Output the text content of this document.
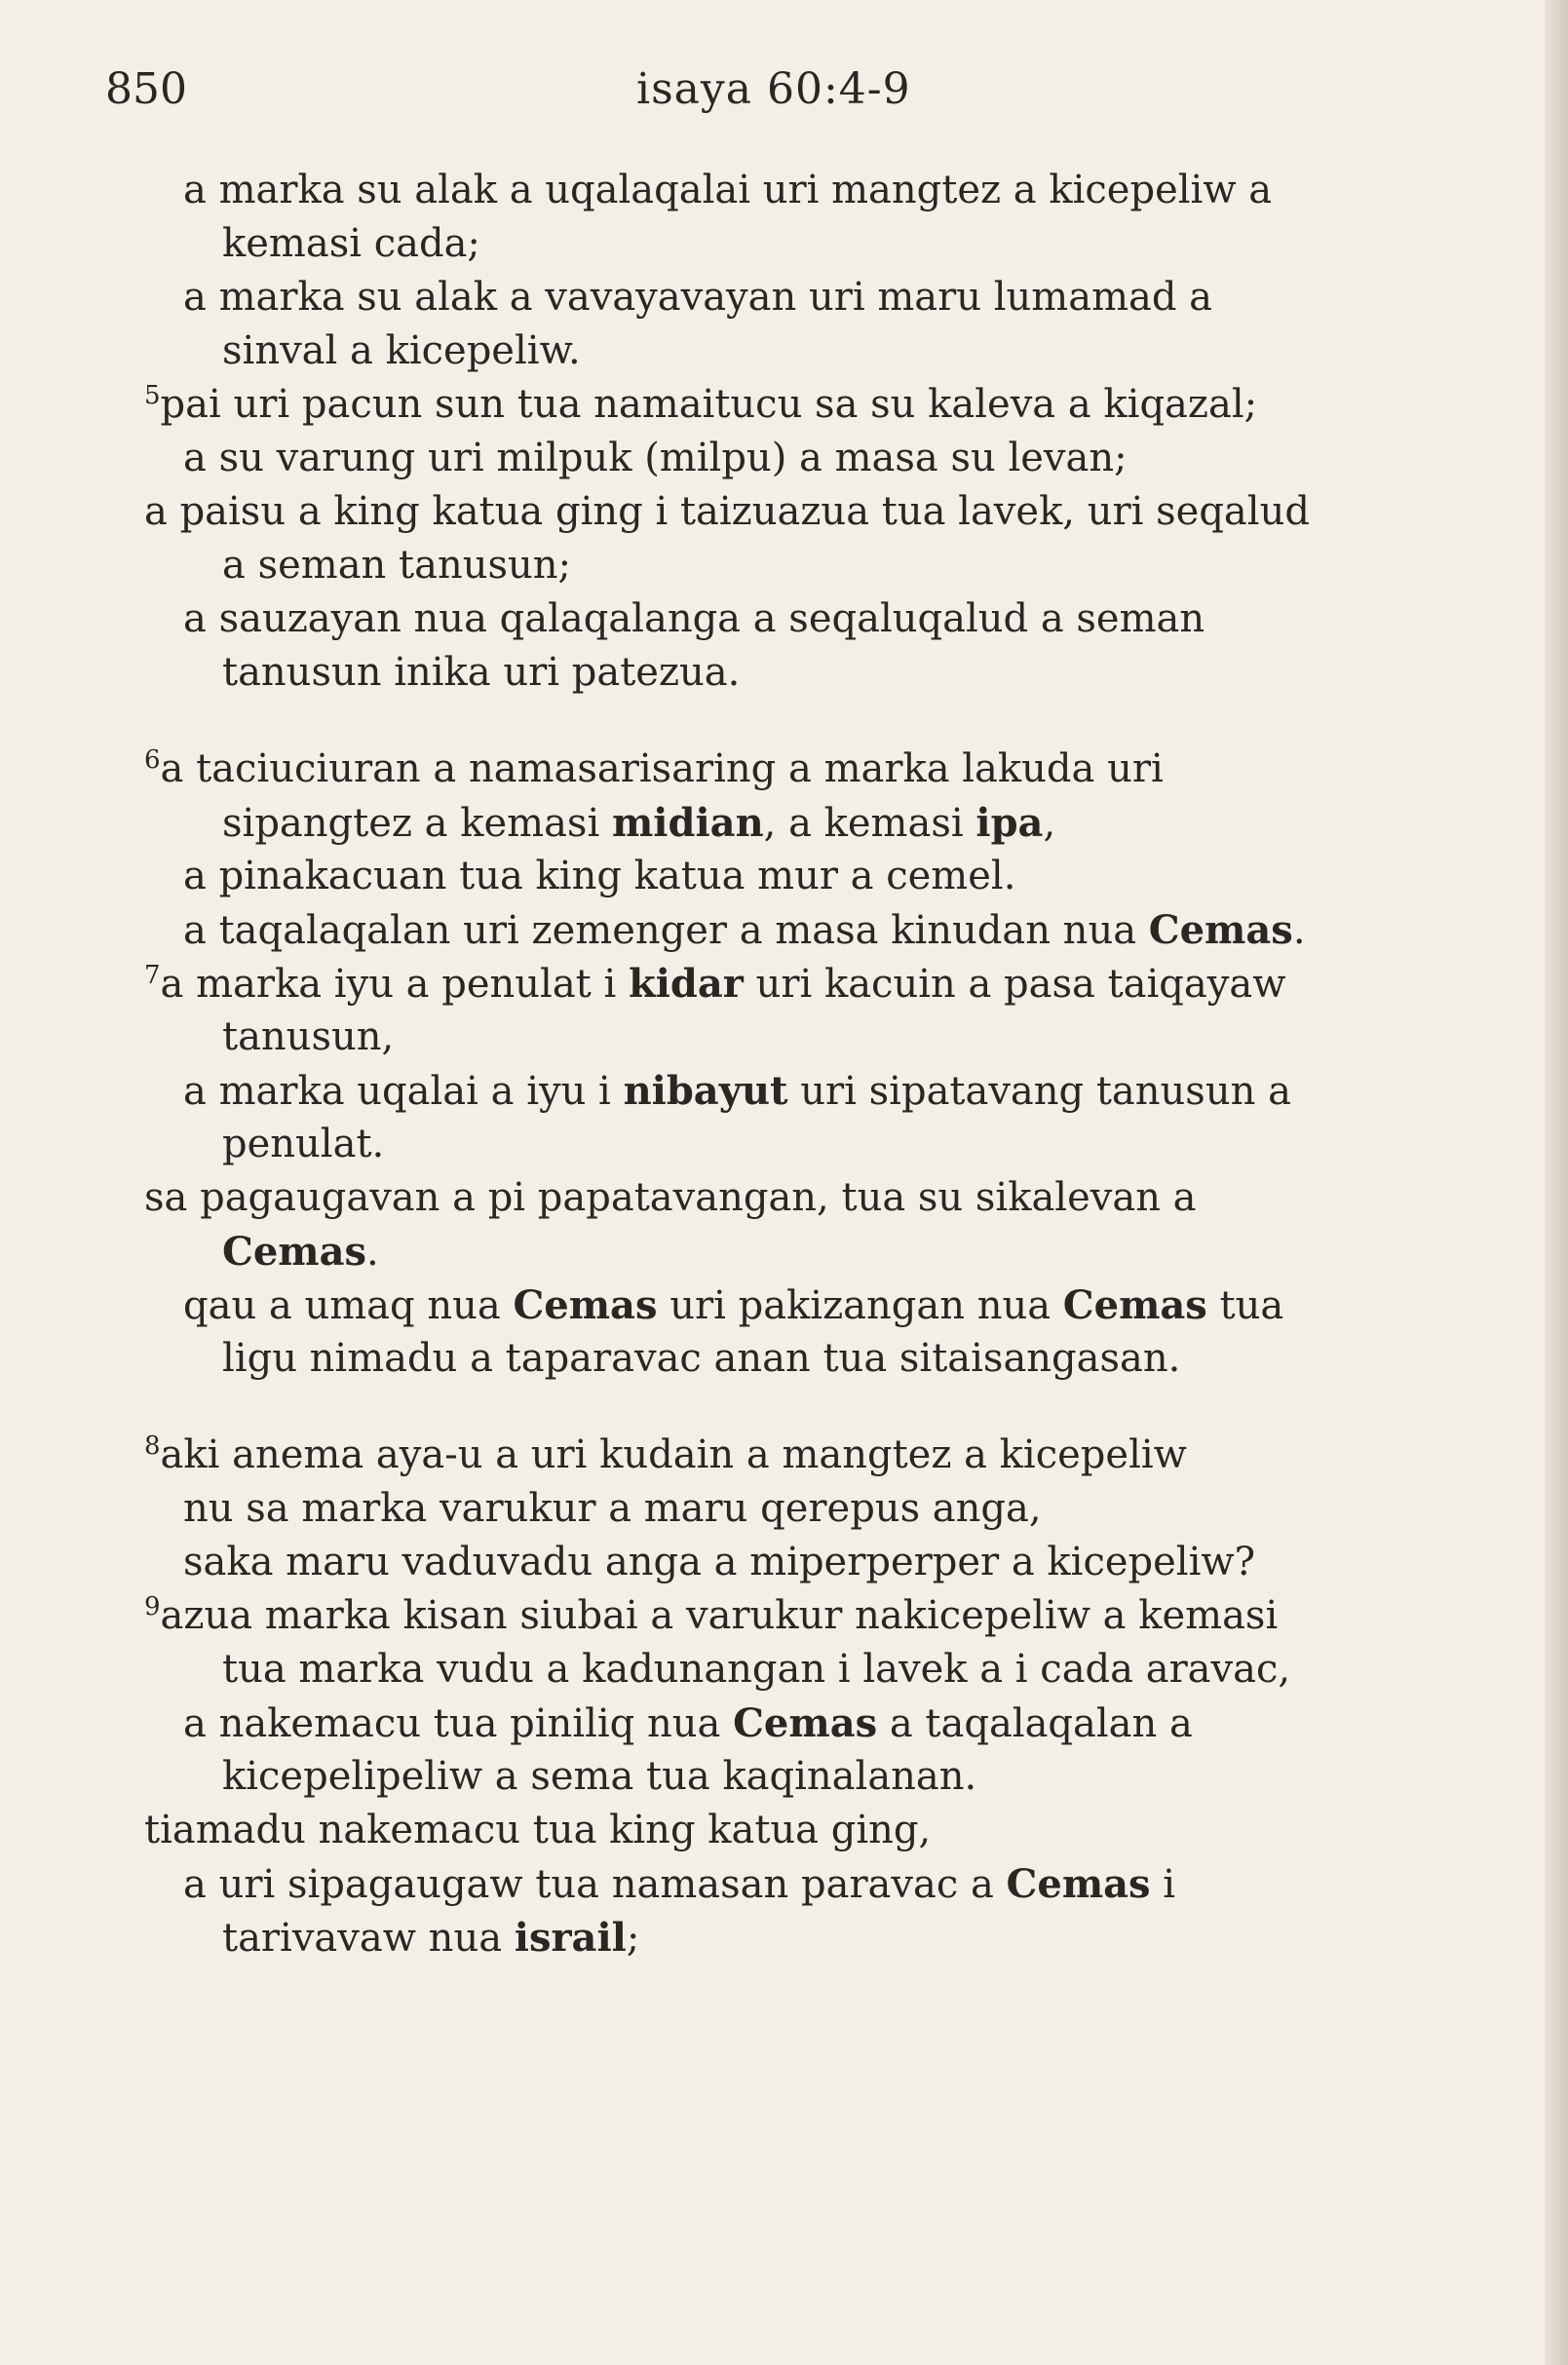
850	isaya 60:4-9
a marka su alak a uqalaqalai uri mangtez a kicepeliw a
kemasi cada;
a marka su alak a vavayavayan uri maru lumamad a
sinval a kicepeliw.
$^5$pai uri pacun sun tua namaitucu sa su kaleva a kiqazal;
a su varung uri milpuk (milpu) a masa su levan;
a paisu a king katua ging i taizuazua tua lavek, uri seqalud
a seman tanusun;
a sauzayan nua qalaqalanga a seqaluqalud a seman
tanusun inika uri patezua.
$^6$a taciuciuran a namasarisaring a marka lakuda uri
sipangtez a kemasi midian, a kemasi ipa,
a pinakacuan tua king katua mur a cemel.
a taqalaqalan uri zemenger a masa kinudan nua Cemas.
$^7$a marka iyu a penulat i kidar uri kacuin a pasa taiqayaw
tanusun,
a marka uqalai a iyu i nibayut uri sipatavang tanusun a
penulat.
sa pagaugavan a pi papatavangan, tua su sikalevan a
Cemas.
qau a umaq nua Cemas uri pakizangan nua Cemas tua
ligu nimadu a taparavac anan tua sitaisangasan.
$^8$aki anema aya-u a uri kudain a mangtez a kicepeliw
nu sa marka varukur a maru qerepus anga,
saka maru vaduvadu anga a miperperper a kicepeliw?
$^9$azua marka kisan siubai a varukur nakicepeliw a kemasi
tua marka vudu a kadunangan i lavek a i cada aravac,
a nakemacu tua piniliq nua Cemas a taqalaqalan a
kicepelipeliw a sema tua kaqinalanan.
tiamadu nakemacu tua king katua ging,
a uri sipagaugaw tua namasan paravac a Cemas i
tarivavaw nua israil;
